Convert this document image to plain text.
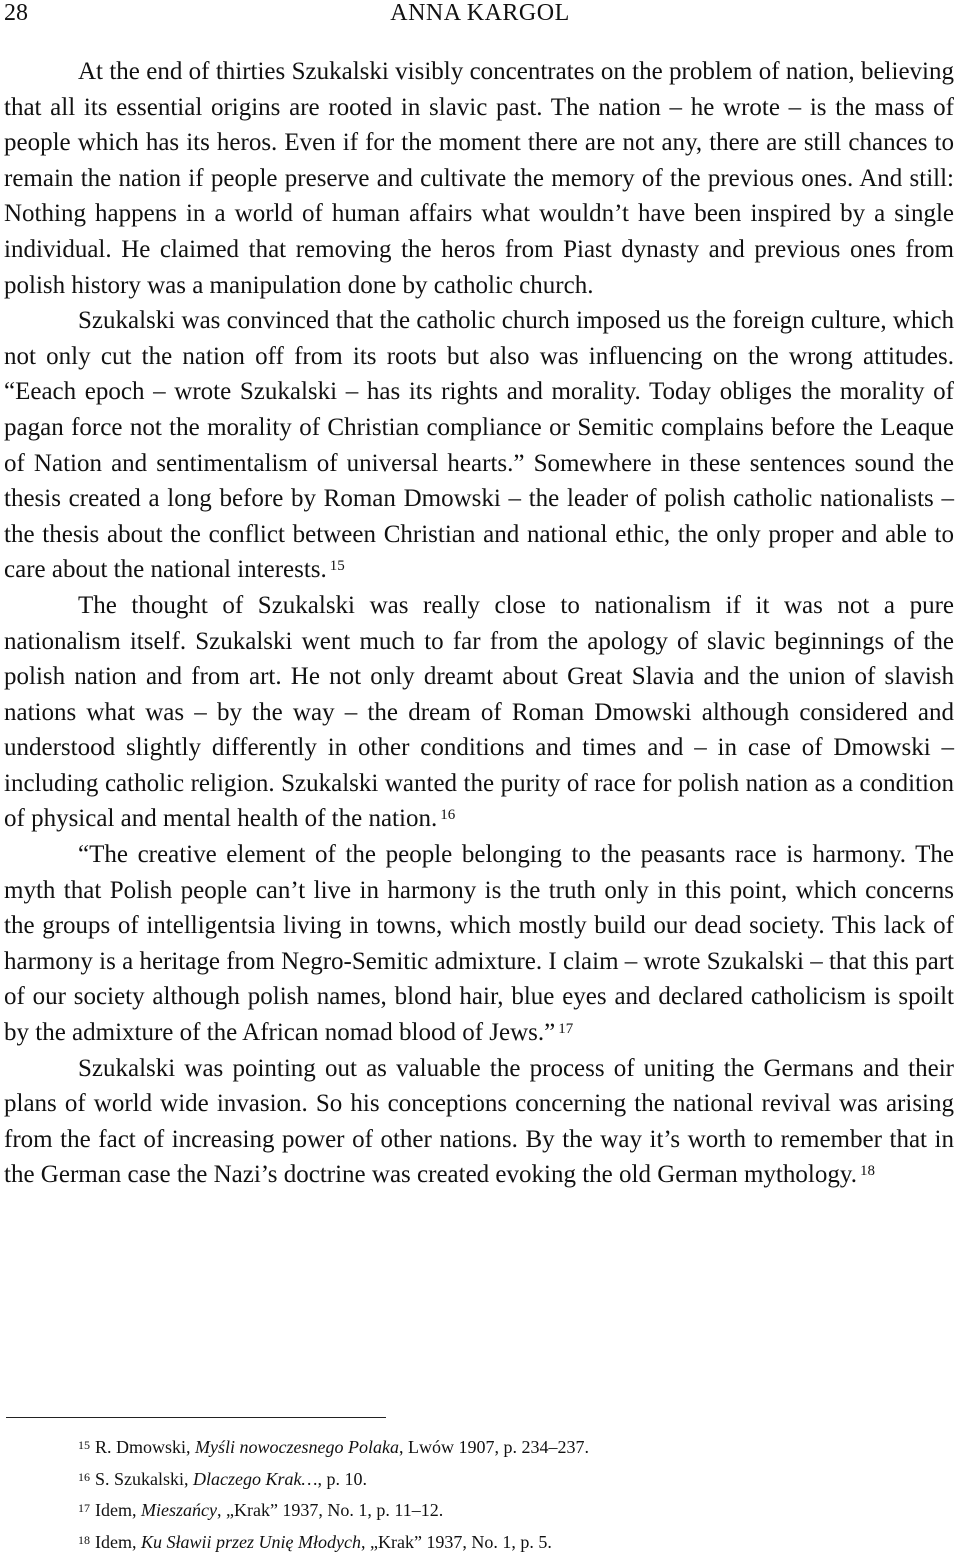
28	ANNA KARGOL

At the end of thirties Szukalski visibly concentrates on the problem of nation, believing that all its essential origins are rooted in slavic past. The nation – he wrote – is the mass of people which has its heros. Even if for the moment there are not any, there are still chances to remain the nation if people preserve and cultivate the memory of the previous ones. And still: Nothing happens in a world of human affairs what wouldn’t have been inspired by a single individual. He claimed that removing the heros from Piast dynasty and previous ones from polish history was a manipulation done by catholic church.

Szukalski was convinced that the catholic church imposed us the foreign culture, which not only cut the nation off from its roots but also was influencing on the wrong attitudes. “Eeach epoch – wrote Szukalski – has its rights and morality. Today obliges the morality of pagan force not the morality of Christian compliance or Semitic complains before the Leaque of Nation and sentimentalism of universal hearts.” Somewhere in these sentences sound the thesis created a long before by Roman Dmowski – the leader of polish catholic nationalists –the thesis about the conflict between Christian and national ethic, the only proper and able to care about the national interests. $^{15}$

The thought of Szukalski was really close to nationalism if it was not a pure nationalism itself. Szukalski went much to far from the apology of slavic beginnings of the polish nation and from art. He not only dreamt about Great Slavia and the union of slavish nations what was – by the way – the dream of Roman Dmowski although considered and understood slightly differently in other conditions and times and – in case of Dmowski – including catholic religion. Szukalski wanted the purity of race for polish nation as a condition of physical and mental health of the nation. $^{16}$

“The creative element of the people belonging to the peasants race is harmony. The myth that Polish people can’t live in harmony is the truth only in this point, which concerns the groups of intelligentsia living in towns, which mostly build our dead society. This lack of harmony is a heritage from Negro-Semitic admixture. I claim – wrote Szukalski – that this part of our society although polish names, blond hair, blue eyes and declared catholicism is spoilt by the admixture of the African nomad blood of Jews.” $^{17}$

Szukalski was pointing out as valuable the process of uniting the Germans and their plans of world wide invasion. So his conceptions concerning the national revival was arising from the fact of increasing power of other nations. By the way it’s worth to remember that in the German case the Nazi’s doctrine was created evoking the old German mythology. $^{18}$

$^{15}$ R. Dmowski, Myśli nowoczesnego Polaka, Lwów 1907, p. 234–237.

$^{16}$ S. Szukalski, Dlaczego Krak…, p. 10.

$^{17}$ Idem, Mieszańcy, „Krak” 1937, No. 1, p. 11–12.

$^{18}$ Idem, Ku Sławii przez Unię Młodych, „Krak” 1937, No. 1, p. 5.
